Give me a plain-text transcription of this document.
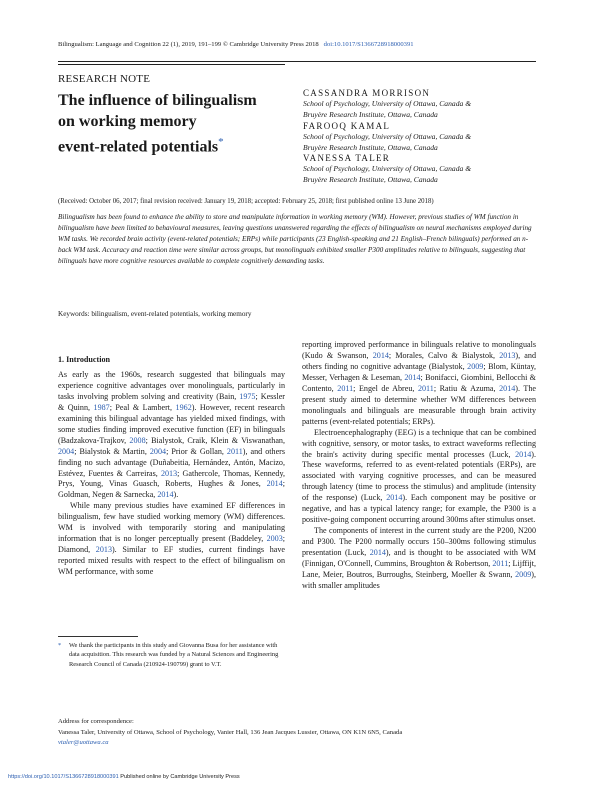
Bilingualism: Language and Cognition 22 (1), 2019, 191–199 © Cambridge University Press 2018 doi:10.1017/S1366728918000391
RESEARCH NOTE
The influence of bilingualism
on working memory
event-related potentials*
CASSANDRA MORRISON
School of Psychology, University of Ottawa, Canada &
Bruyère Research Institute, Ottawa, Canada
FAROOQ KAMAL
School of Psychology, University of Ottawa, Canada &
Bruyère Research Institute, Ottawa, Canada
VANESSA TALER
School of Psychology, University of Ottawa, Canada &
Bruyère Research Institute, Ottawa, Canada
(Received: October 06, 2017; final revision received: January 19, 2018; accepted: February 25, 2018; first published online 13 June 2018)
Bilingualism has been found to enhance the ability to store and manipulate information in working memory (WM). However, previous studies of WM function in bilingualism have been limited to behavioural measures, leaving questions unanswered regarding the effects of bilingualism on neural mechanisms employed during WM tasks. We recorded brain activity (event-related potentials; ERPs) while participants (23 English-speaking and 21 English–French bilinguals) performed an n-back WM task. Accuracy and reaction time were similar across groups, but monolinguals exhibited smaller P300 amplitudes relative to bilinguals, suggesting that bilinguals have more cognitive resources available to complete cognitively demanding tasks.
Keywords: bilingualism, event-related potentials, working memory
1. Introduction

As early as the 1960s, research suggested that bilinguals may experience cognitive advantages over monolinguals, particularly in tasks involving problem solving and creativity (Bain, 1975; Kessler & Quinn, 1987; Peal & Lambert, 1962). However, recent research examining this bilingual advantage has yielded mixed findings, with some studies finding improved executive function (EF) in bilinguals (Badzakova-Trajkov, 2008; Bialystok, Craik, Klein & Viswanathan, 2004; Bialystok & Martin, 2004; Prior & Gollan, 2011), and others finding no such advantage (Duñabeitia, Hernández, Antón, Macizo, Estévez, Fuentes & Carreiras, 2013; Gathercole, Thomas, Kennedy, Prys, Young, Vinas Guasch, Roberts, Hughes & Jones, 2014; Goldman, Negen & Sarnecka, 2014).

While many previous studies have examined EF differences in bilingualism, few have studied working memory (WM) differences. WM is involved with temporarily storing and manipulating information that is no longer perceptually present (Baddeley, 2003; Diamond, 2013). Similar to EF studies, current findings have reported mixed results with respect to the effect of bilingualism on WM performance, with some

reporting improved performance in bilinguals relative to monolinguals (Kudo & Swanson, 2014; Morales, Calvo & Bialystok, 2013), and others finding no cognitive advantage (Bialystok, 2009; Blom, Küntay, Messer, Verhagen & Leseman, 2014; Bonifacci, Giombini, Bellocchi & Contento, 2011; Engel de Abreu, 2011; Ratiu & Azuma, 2014). The present study aimed to determine whether WM differences between monolinguals and bilinguals are measurable through brain activity patterns (event-related potentials; ERPs).

Electroencephalography (EEG) is a technique that can be combined with cognitive, sensory, or motor tasks, to extract waveforms reflecting the brain's activity during specific mental processes (Luck, 2014). These waveforms, referred to as event-related potentials (ERPs), are associated with varying cognitive processes, and can be measured through latency (time to process the stimulus) and amplitude (intensity of the response) (Luck, 2014). Each component may be positive or negative, and has a typical latency range; for example, the P300 is a positive-going component occurring around 300ms after stimulus onset.

The components of interest in the current study are the P200, N200 and P300. The P200 normally occurs 150–300ms following stimulus presentation (Luck, 2014), and is thought to be associated with WM (Finnigan, O'Connell, Cummins, Broughton & Robertson, 2011; Lijffijt, Lane, Meier, Boutros, Burroughs, Steinberg, Moeller & Swann, 2009), with smaller amplitudes

* We thank the participants in this study and Giovanna Busa for her assistance with data acquisition. This research was funded by a Natural Sciences and Engineering Research Council of Canada (210924-190799) grant to V.T.
Address for correspondence:
Vanessa Taler, University of Ottawa, School of Psychology, Vanier Hall, 136 Jean Jacques Lussier, Ottawa, ON K1N 6N5, Canada
vtaler@uottawa.ca
https://doi.org/10.1017/S1366728918000391 Published online by Cambridge University Press
